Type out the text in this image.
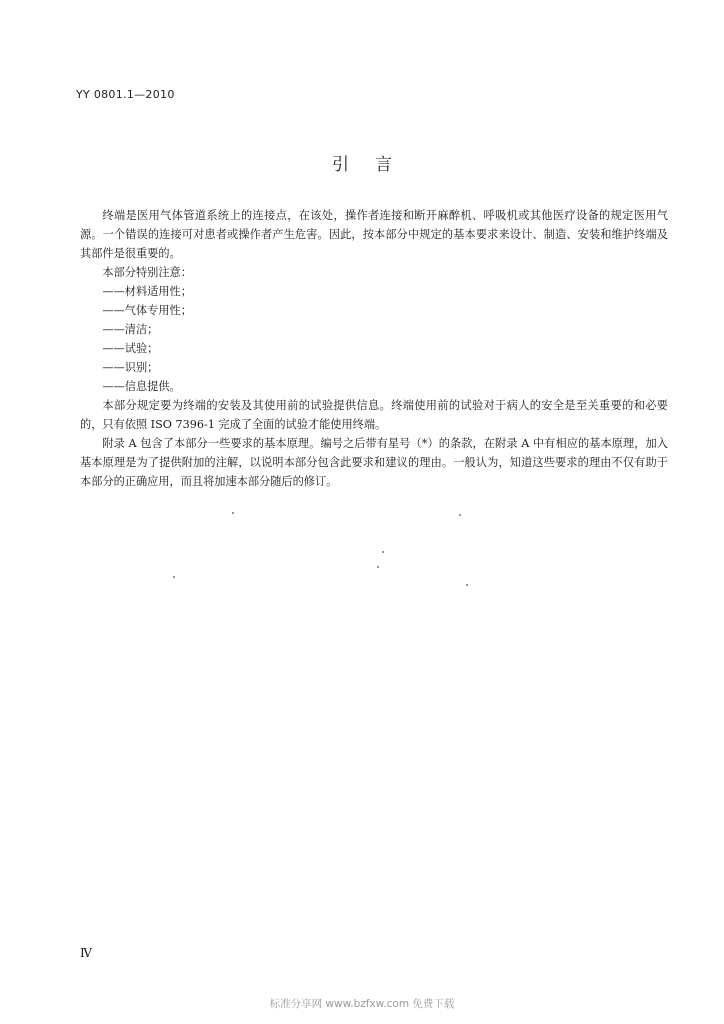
YY 0801.1—2010
引言

终端是医用气体管道系统上的连接点，在该处，操作者连接和断开麻醉机、呼吸机或其他医疗设备的规定医用气源。一个错误的连接可对患者或操作者产生危害。因此，按本部分中规定的基本要求来设计、制造、安装和维护终端及其部件是很重要的。

本部分特别注意：

——材料适用性；

——气体专用性；

——清洁；

——试验；

——识别；

——信息提供。

本部分规定要为终端的安装及其使用前的试验提供信息。终端使用前的试验对于病人的安全是至关重要的和必要的，只有依照 ISO 7396-1 完成了全面的试验才能使用终端。

附录 A 包含了本部分一些要求的基本原理。编号之后带有星号（*）的条款，在附录 A 中有相应的基本原理，加入基本原理是为了提供附加的注解，以说明本部分包含此要求和建议的理由。一般认为，知道这些要求的理由不仅有助于本部分的正确应用，而且将加速本部分随后的修订。

Ⅳ
标准分享网 www.bzfxw.com 免费下载
